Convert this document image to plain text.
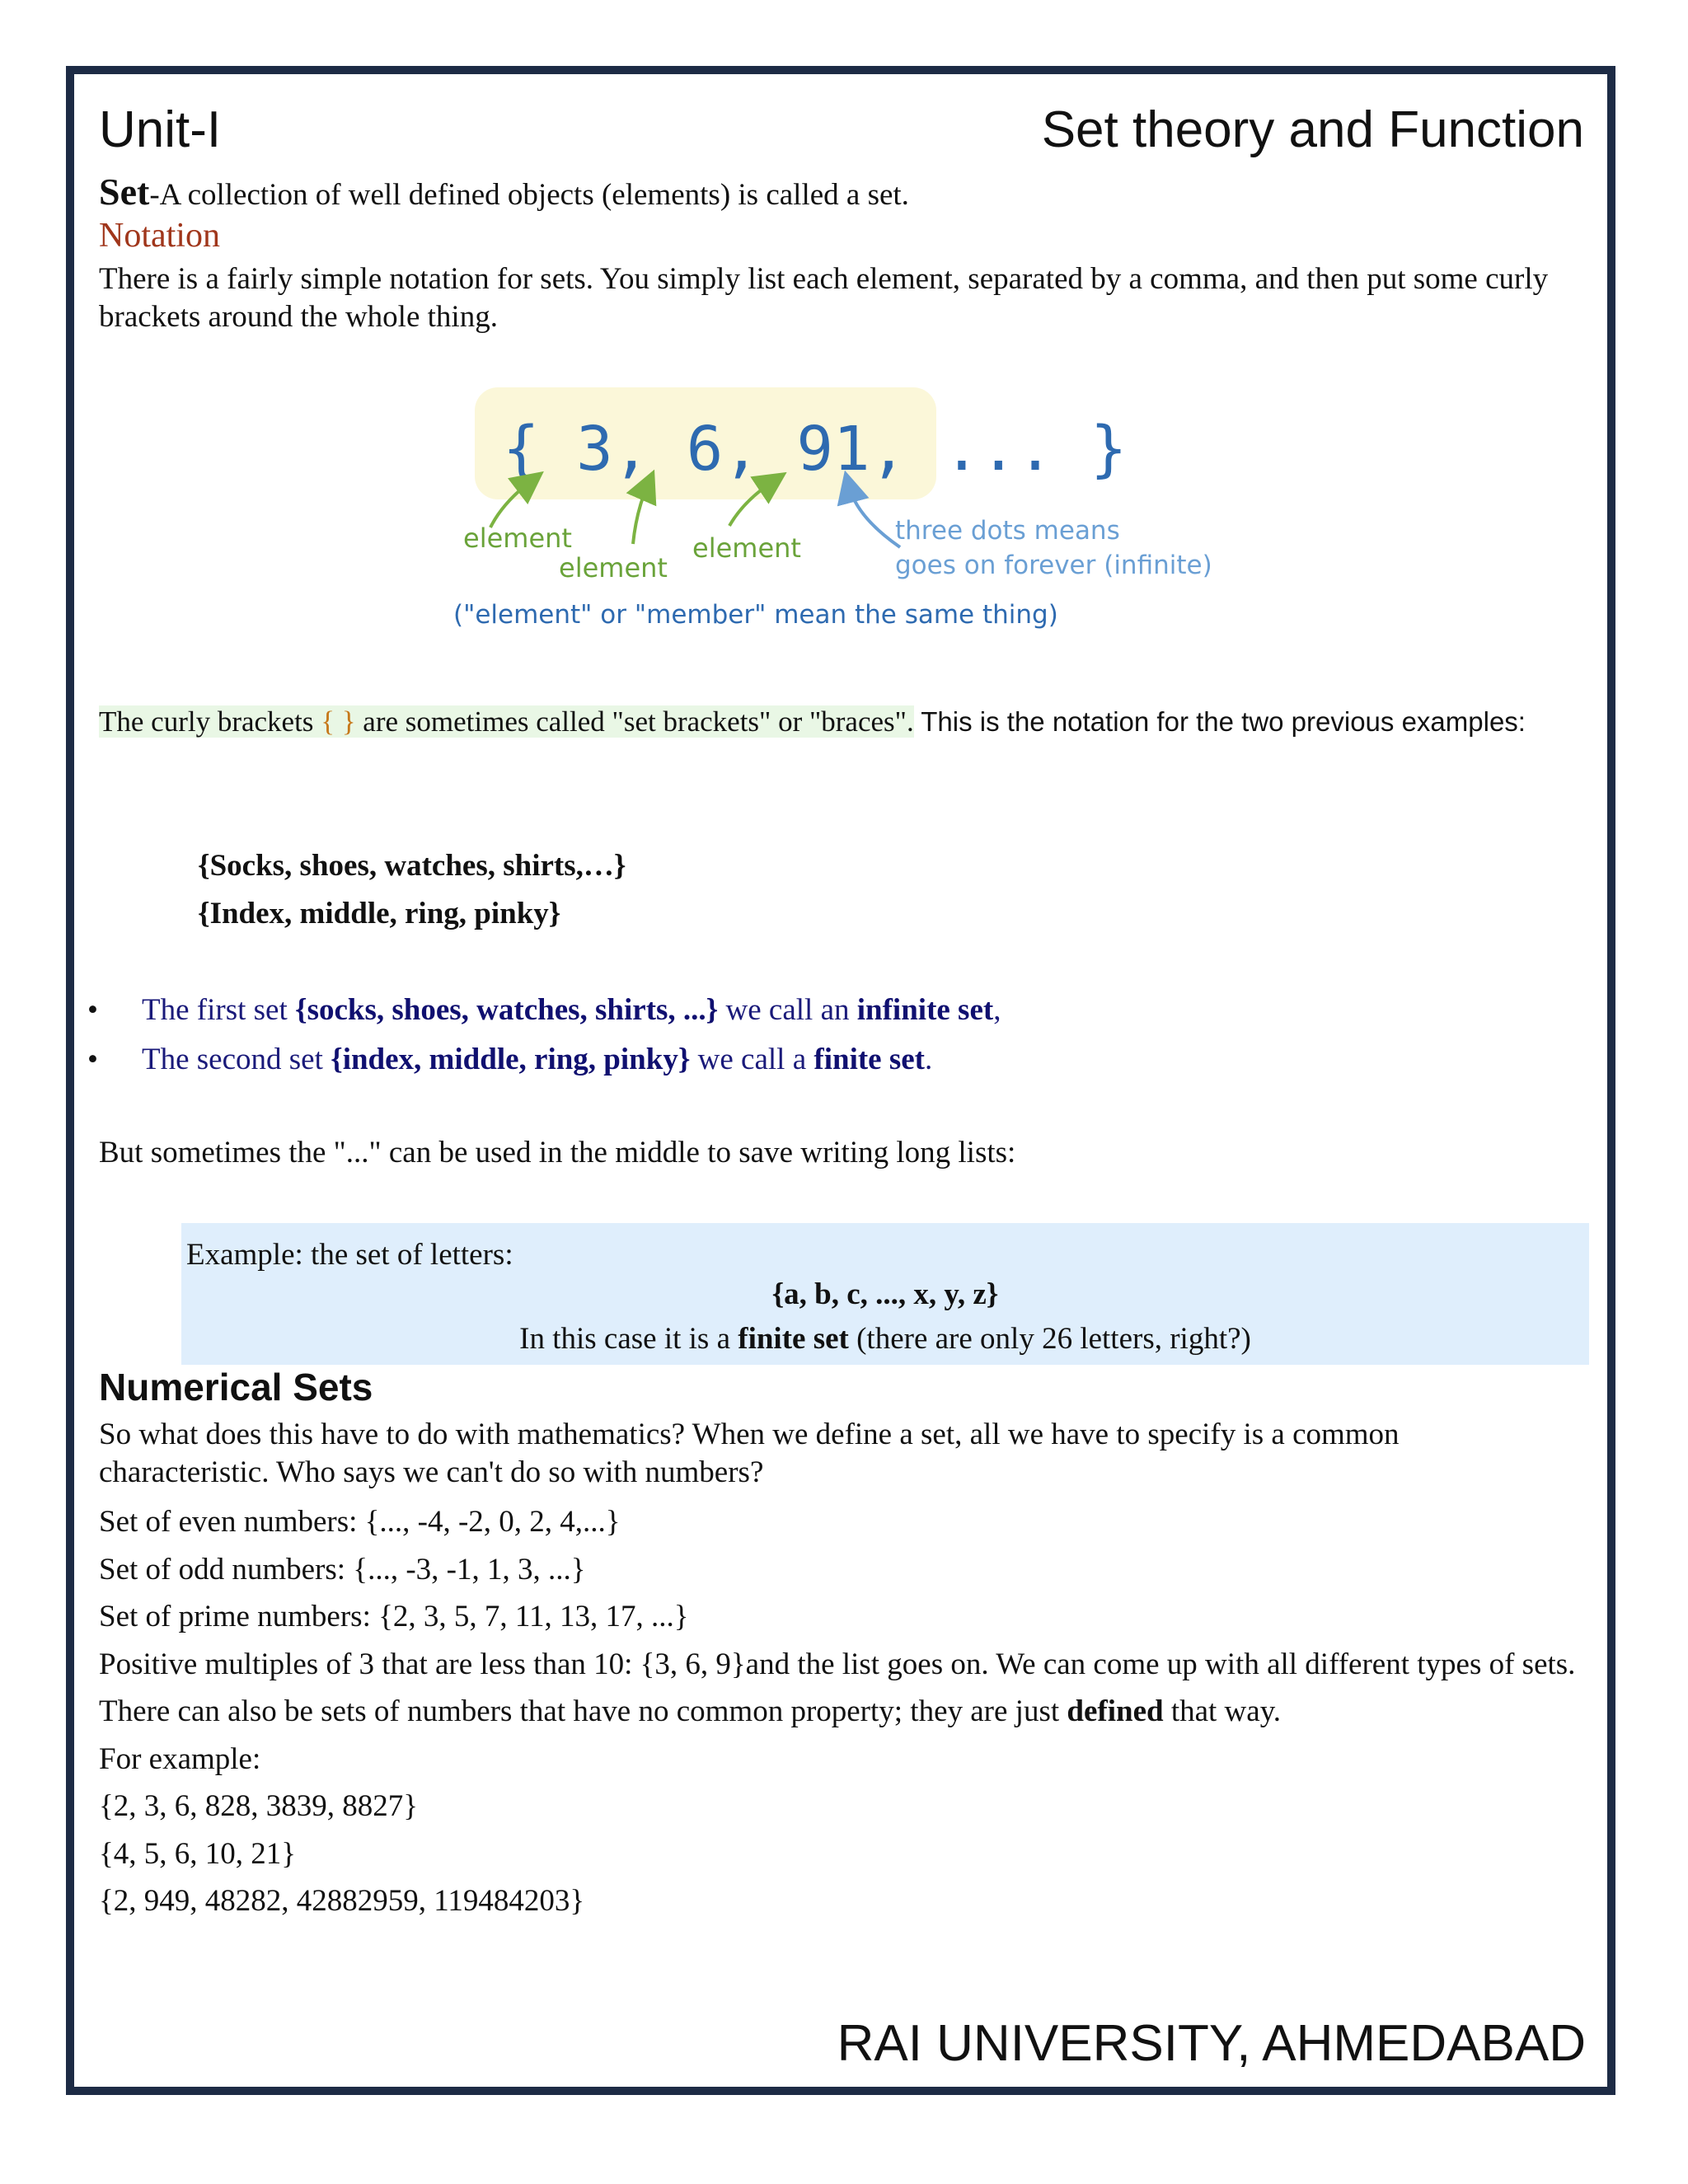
Unit-I	Set theory and Function
Set-A collection of well defined objects (elements) is called a set.
Notation
There is a fairly simple notation for sets. You simply list each element, separated by a comma, and then put some curly brackets around the whole thing.
{ 3, 6, 91, ... }
element
element
element
three dots means
goes on forever (infinite)
("element" or "member" mean the same thing)
The curly brackets { } are sometimes called "set brackets" or "braces". This is the notation for the two previous examples:
{Socks, shoes, watches, shirts,…}
{Index, middle, ring, pinky}
• The first set {socks, shoes, watches, shirts, ...} we call an infinite set,
• The second set {index, middle, ring, pinky} we call a finite set.
But sometimes the "..." can be used in the middle to save writing long lists:
Example: the set of letters:
{a, b, c, ..., x, y, z}
In this case it is a finite set (there are only 26 letters, right?)
Numerical Sets
So what does this have to do with mathematics? When we define a set, all we have to specify is a common characteristic. Who says we can't do so with numbers?
Set of even numbers: {..., -4, -2, 0, 2, 4,...}
Set of odd numbers: {..., -3, -1, 1, 3, ...}
Set of prime numbers: {2, 3, 5, 7, 11, 13, 17, ...}
Positive multiples of 3 that are less than 10: {3, 6, 9}and the list goes on. We can come up with all different types of sets. There can also be sets of numbers that have no common property; they are just defined that way.
For example:
{2, 3, 6, 828, 3839, 8827}
{4, 5, 6, 10, 21}
{2, 949, 48282, 42882959, 119484203}
RAI UNIVERSITY, AHMEDABAD
